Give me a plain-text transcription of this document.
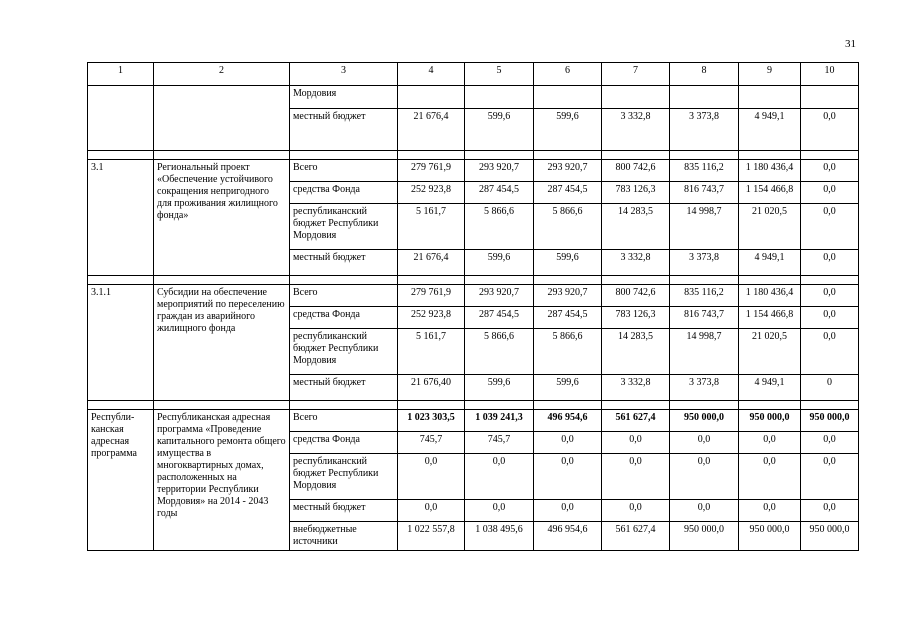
31
1	2	3	4	5	6	7	8	9	10
		Мордовия							
		местный бюджет	21 676,4	599,6	599,6	3 332,8	3 373,8	4 949,1	0,0

3.1	Региональный проект «Обеспечение устойчивого сокращения непригодного для проживания жилищного фонда»	Всего	279 761,9	293 920,7	293 920,7	800 742,6	835 116,2	1 180 436,4	0,0
		средства Фонда	252 923,8	287 454,5	287 454,5	783 126,3	816 743,7	1 154 466,8	0,0
		республиканский бюджет Республики Мордовия	5 161,7	5 866,6	5 866,6	14 283,5	14 998,7	21 020,5	0,0
		местный бюджет	21 676,4	599,6	599,6	3 332,8	3 373,8	4 949,1	0,0

3.1.1	Субсидии на обеспечение мероприятий по переселению граждан из аварийного жилищного фонда	Всего	279 761,9	293 920,7	293 920,7	800 742,6	835 116,2	1 180 436,4	0,0
		средства Фонда	252 923,8	287 454,5	287 454,5	783 126,3	816 743,7	1 154 466,8	0,0
		республиканский бюджет Республики Мордовия	5 161,7	5 866,6	5 866,6	14 283,5	14 998,7	21 020,5	0,0
		местный бюджет	21 676,40	599,6	599,6	3 332,8	3 373,8	4 949,1	0

Республи-канская адресная программа	Республиканская адресная программа «Проведение капитального ремонта общего имущества в многоквартирных домах, расположенных на территории Республики Мордовия» на 2014 - 2043 годы	Всего	1 023 303,5	1 039 241,3	496 954,6	561 627,4	950 000,0	950 000,0	950 000,0
		средства Фонда	745,7	745,7	0,0	0,0	0,0	0,0	0,0
		республиканский бюджет Республики Мордовия	0,0	0,0	0,0	0,0	0,0	0,0	0,0
		местный бюджет	0,0	0,0	0,0	0,0	0,0	0,0	0,0
		внебюджетные источники	1 022 557,8	1 038 495,6	496 954,6	561 627,4	950 000,0	950 000,0	950 000,0
